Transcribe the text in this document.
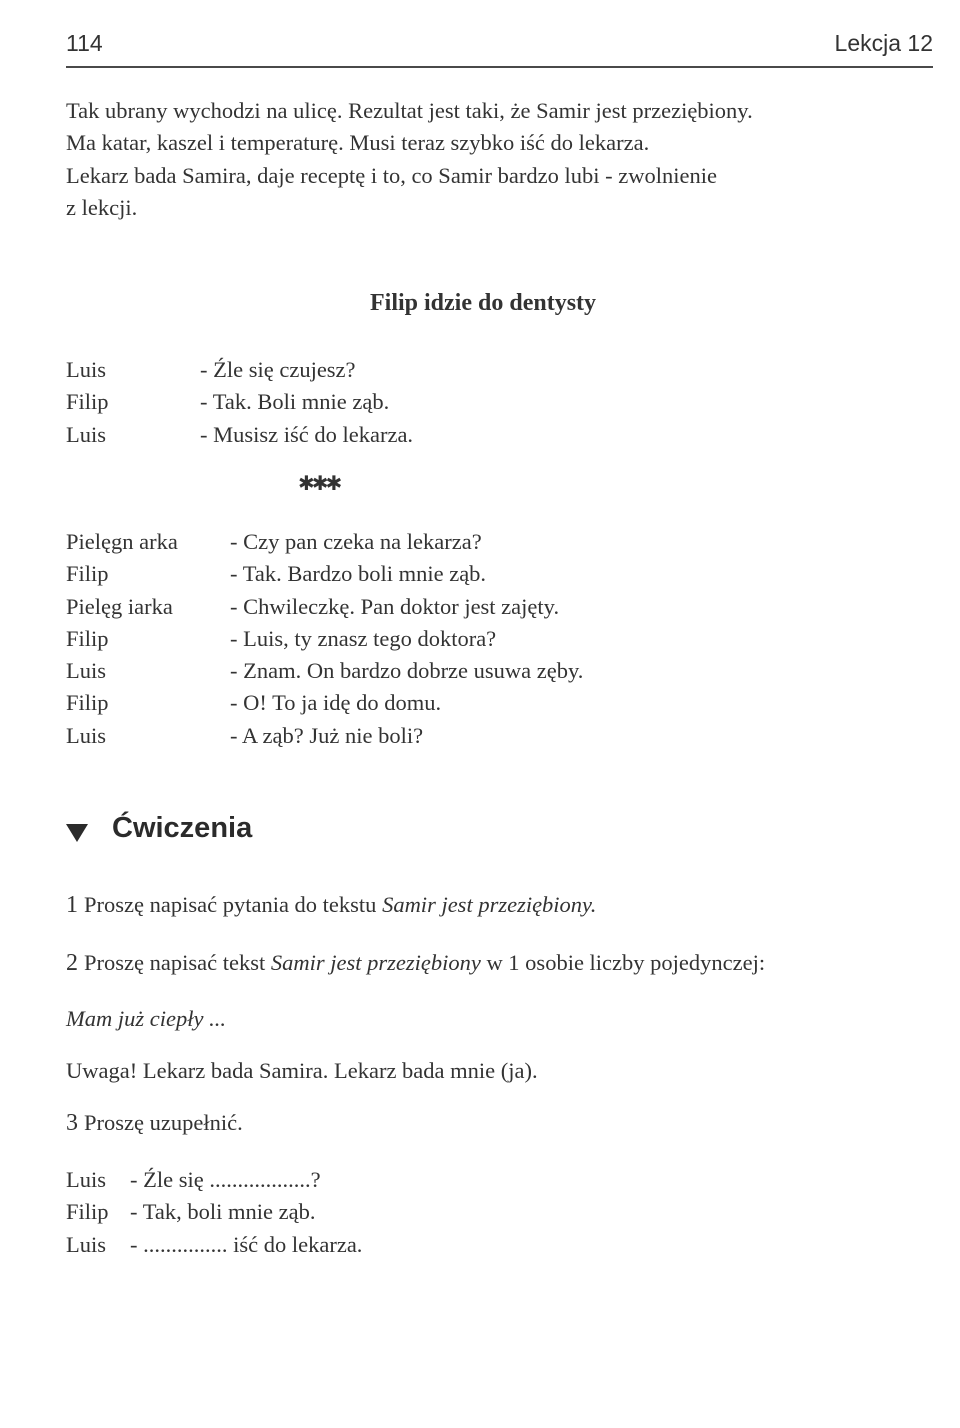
114	Lekcja 12

Tak ubrany wychodzi na ulicę. Rezultat jest taki, że Samir jest przeziębiony.

Ma katar, kaszel i temperaturę. Musi teraz szybko iść do lekarza.

Lekarz bada Samira, daje receptę i to, co Samir bardzo lubi - zwolnienie

z lekcji.

Filip idzie do dentysty
Luis	- Źle się czujesz?
Filip	- Tak. Boli mnie ząb.
Luis	- Musisz iść do lekarza.
✱✱✱
Pielęgn arka - Czy pan czeka na lekarza?
Filip	- Tak. Bardzo boli mnie ząb.
Pielęg iarka	- Chwileczkę. Pan doktor jest zajęty.
Filip	- Luis, ty znasz tego doktora?
Luis	- Znam. On bardzo dobrze usuwa zęby.
Filip	- O! To ja idę do domu.
Luis	- A ząb? Już nie boli?
Ćwiczenia
1 Proszę napisać pytania do tekstu Samir jest przeziębiony.
2 Proszę napisać tekst Samir jest przeziębiony w 1 osobie liczby pojedynczej:
Mam już ciepły ...
Uwaga! Lekarz bada Samira. Lekarz bada mnie (ja).
3 Proszę uzupełnić.
Luis - Źle się ..................?
Filip - Tak, boli mnie ząb.
Luis - ............... iść do lekarza.
